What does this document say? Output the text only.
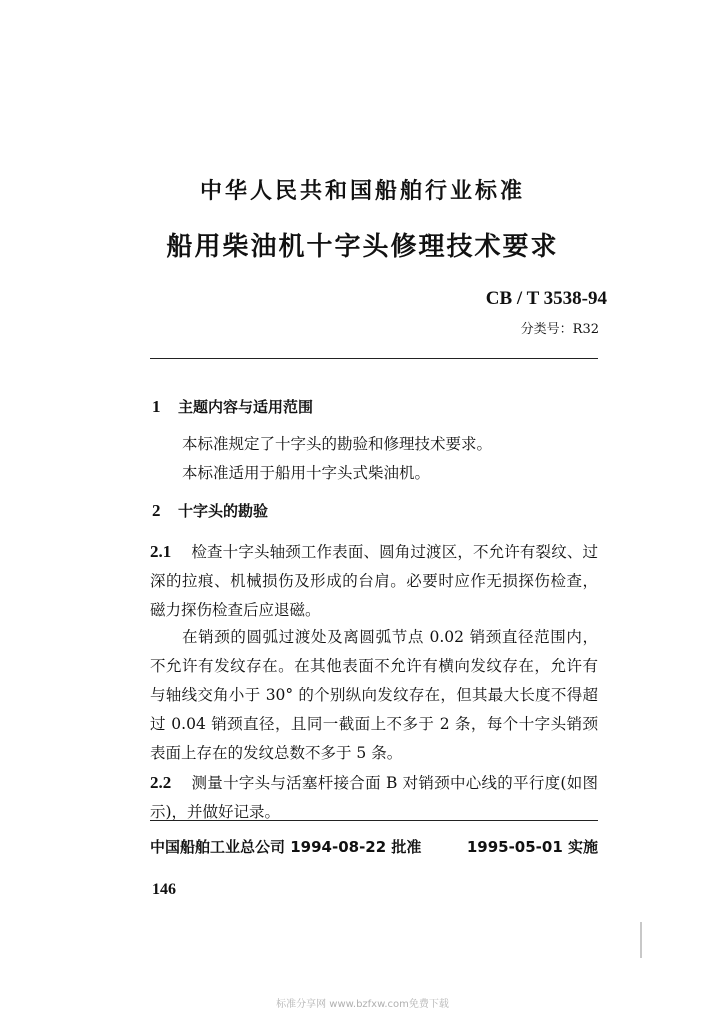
中华人民共和国船舶行业标准
船用柴油机十字头修理技术要求
CB / T 3538-94
分类号：R32
1 主题内容与适用范围
本标准规定了十字头的勘验和修理技术要求。
本标准适用于船用十字头式柴油机。
2 十字头的勘验
2.1 检查十字头轴颈工作表面、圆角过渡区，不允许有裂纹、过深的拉痕、机械损伤及形成的台肩。必要时应作无损探伤检查，磁力探伤检查后应退磁。
在销颈的圆弧过渡处及离圆弧节点 0.02 销颈直径范围内，不允许有发纹存在。在其他表面不允许有横向发纹存在，允许有与轴线交角小于 30° 的个别纵向发纹存在，但其最大长度不得超过 0.04 销颈直径，且同一截面上不多于 2 条，每个十字头销颈表面上存在的发纹总数不多于 5 条。
2.2 测量十字头与活塞杆接合面 B 对销颈中心线的平行度(如图示)，并做好记录。
中国船舶工业总公司 1994-08-22 批准	1995-05-01 实施
146
标准分享网 www.bzfxw.com免费下载
